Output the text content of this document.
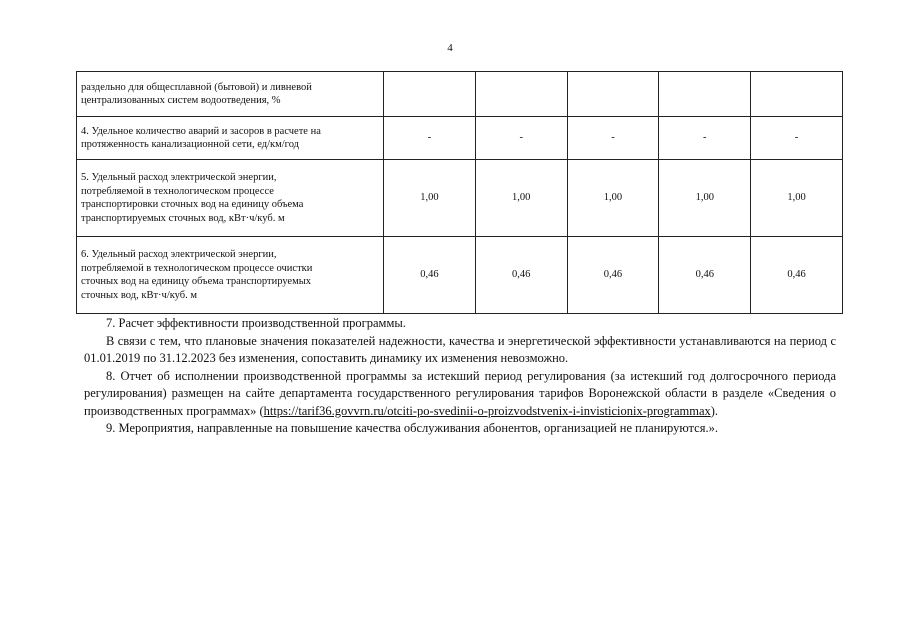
4
раздельно для общесплавной (бытовой) и ливневой
централизованных систем водоотведения, %					
4. Удельное количество аварий и засоров в расчете на
протяженность канализационной сети, ед/км/год	-	-	-	-	-
5. Удельный расход электрической энергии,
потребляемой в технологическом процессе
транспортировки сточных вод на единицу объема
транспортируемых сточных вод, кВт·ч/куб. м	1,00	1,00	1,00	1,00	1,00
6. Удельный расход электрической энергии,
потребляемой в технологическом процессе очистки
сточных вод на единицу объема транспортируемых
сточных вод, кВт·ч/куб. м	0,46	0,46	0,46	0,46	0,46

7. Расчет эффективности производственной программы.

В связи с тем, что плановые значения показателей надежности, качества и энергетической эффективности устанавливаются на период с 01.01.2019 по 31.12.2023 без изменения, сопоставить динамику их изменения невозможно.

8. Отчет об исполнении производственной программы за истекший период регулирования (за истекший год долгосрочного периода регулирования) размещен на сайте департамента государственного регулирования тарифов Воронежской области в разделе «Сведения о производственных программах» (https://tarif36.govvrn.ru/otciti-po-svedinii-o-proizvodstvenix-i-invisticionix-programmax).

9. Мероприятия, направленные на повышение качества обслуживания абонентов, организацией не планируются.».
